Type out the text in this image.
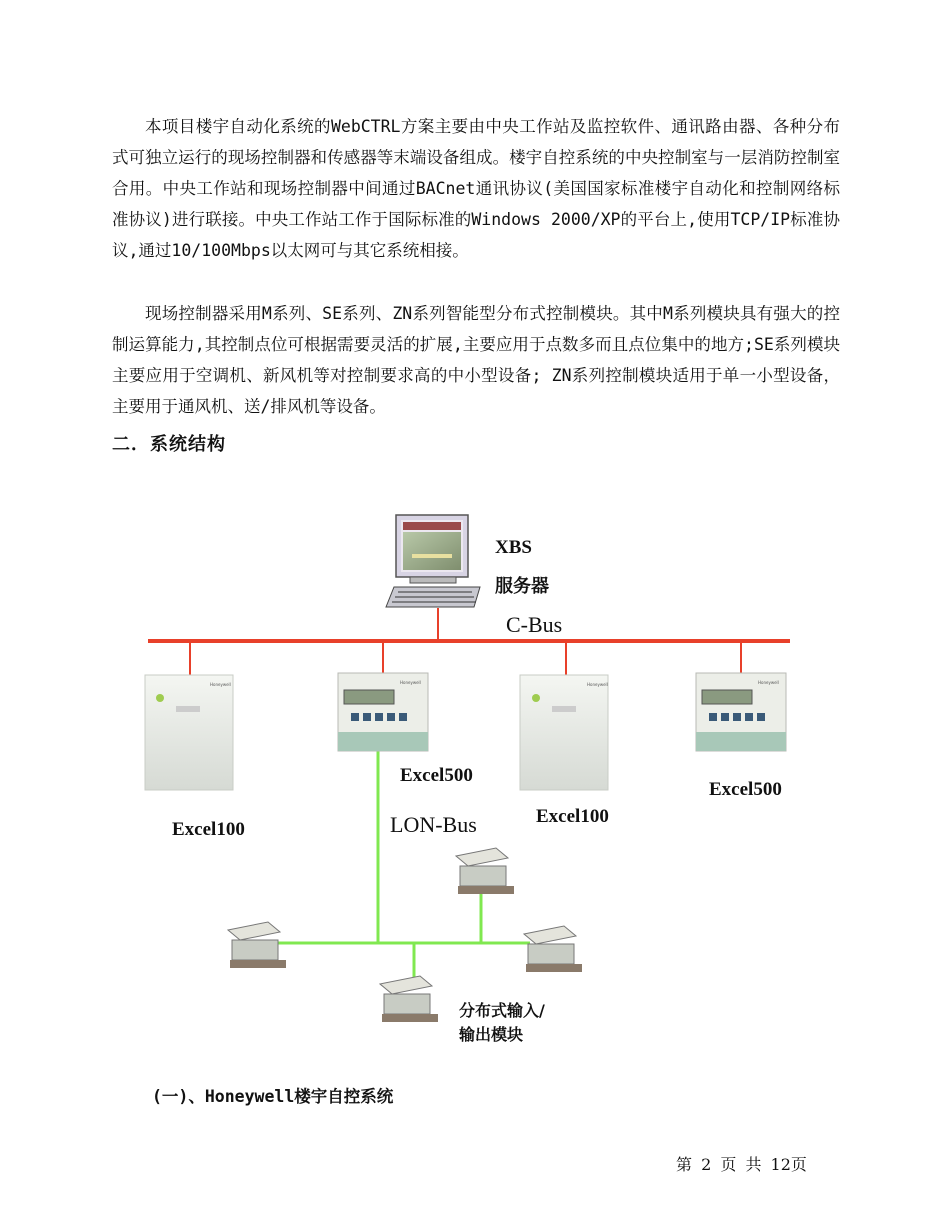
本项目楼宇自动化系统的WebCTRL方案主要由中央工作站及监控软件、通讯路由器、各种分布式可独立运行的现场控制器和传感器等末端设备组成。楼宇自控系统的中央控制室与一层消防控制室合用。中央工作站和现场控制器中间通过BACnet通讯协议(美国国家标准楼宇自动化和控制网络标准协议)进行联接。中央工作站工作于国际标准的Windows 2000/XP的平台上,使用TCP/IP标准协议,通过10/100Mbps以太网可与其它系统相接。

现场控制器采用M系列、SE系列、ZN系列智能型分布式控制模块。其中M系列模块具有强大的控制运算能力,其控制点位可根据需要灵活的扩展,主要应用于点数多而且点位集中的地方;SE系列模块主要应用于空调机、新风机等对控制要求高的中小型设备; ZN系列控制模块适用于单一小型设备，主要用于通风机、送/排风机等设备。

二．系统结构
XBS
服务器
C-Bus
Honeywell
Excel100
Honeywell
Excel500
Honeywell
Excel100
Honeywell
Excel500
LON-Bus
分布式输入/
输出模块

(一)、Honeywell楼宇自控系统

第 2 页 共 12页
